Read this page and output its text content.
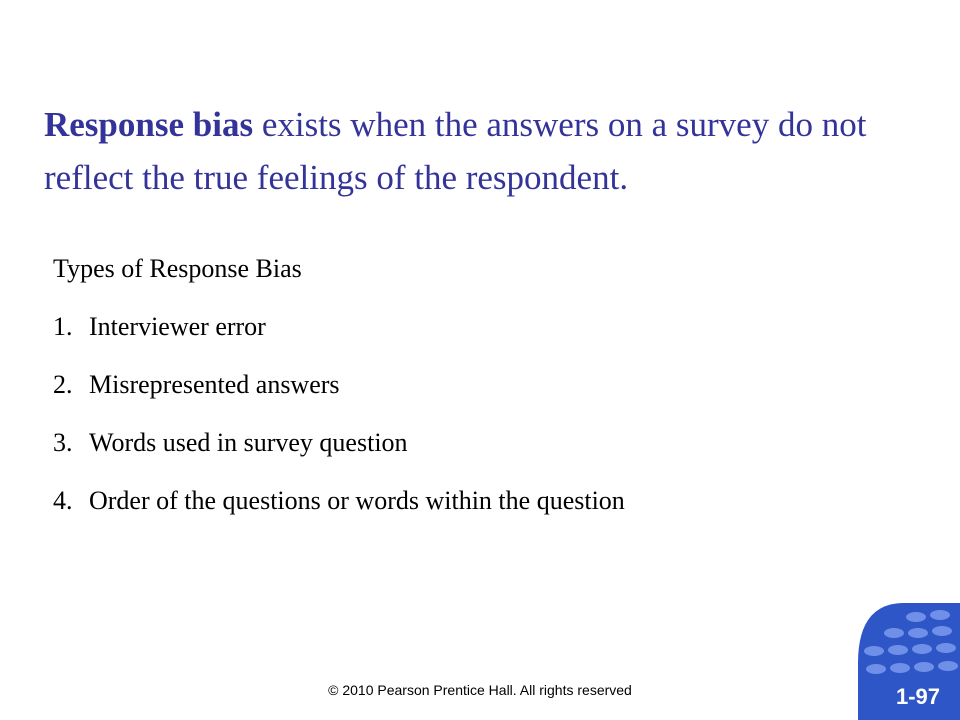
Response bias exists when the answers on a survey do not reflect the true feelings of the respondent.

Types of Response Bias

1. Interviewer error
2. Misrepresented answers
3. Words used in survey question
4. Order of the questions or words within the question
© 2010 Pearson Prentice Hall. All rights reserved	1-97
